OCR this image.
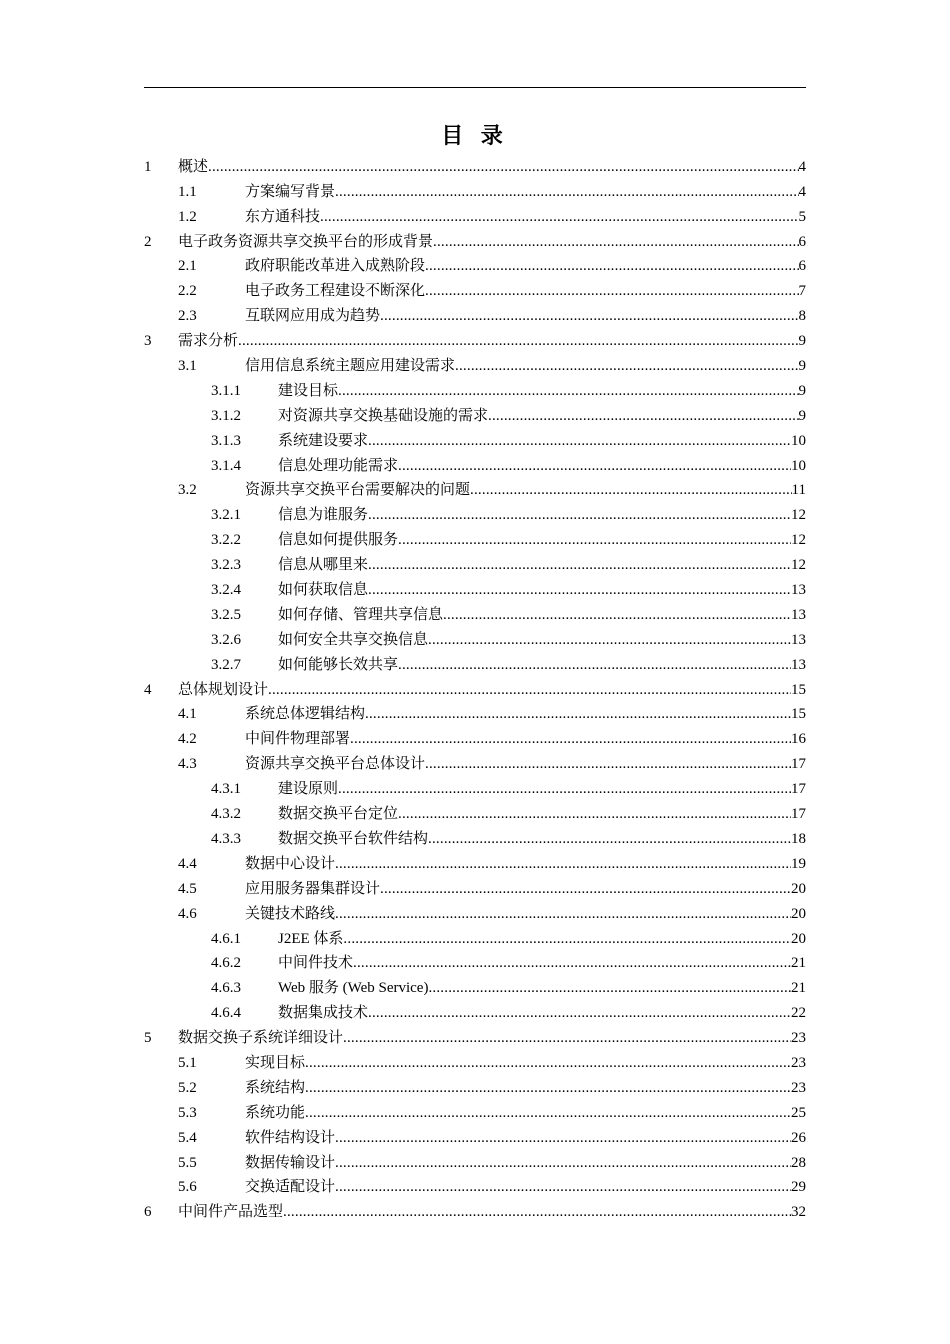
目 录
1 概述 .....	4
1.1	方案编写背景 .....	4
1.2	东方通科技 .....	5
2 电子政务资源共享交换平台的形成背景 .....	6
2.1	政府职能改革进入成熟阶段 .....	6
2.2	电子政务工程建设不断深化 .....	7
2.3	互联网应用成为趋势 .....	8
3 需求分析 .....	9
3.1	信用信息系统主题应用建设需求 .....	9
3.1.1 建设目标 .....	9
3.1.2 对资源共享交换基础设施的需求 .....	9
3.1.3 系统建设要求 .....	10
3.1.4 信息处理功能需求 .....	10
3.2	资源共享交换平台需要解决的问题 .....	11
3.2.1 信息为谁服务 .....	12
3.2.2 信息如何提供服务 .....	12
3.2.3 信息从哪里来 .....	12
3.2.4 如何获取信息 .....	13
3.2.5 如何存储、管理共享信息 .....	13
3.2.6 如何安全共享交换信息 .....	13
3.2.7 如何能够长效共享 .....	13
4 总体规划设计 .....	15
4.1	系统总体逻辑结构 .....	15
4.2	中间件物理部署 .....	16
4.3	资源共享交换平台总体设计 .....	17
4.3.1 建设原则 .....	17
4.3.2 数据交换平台定位 .....	17
4.3.3 数据交换平台软件结构 .....	18
4.4	数据中心设计 .....	19
4.5	应用服务器集群设计 .....	20
4.6	关键技术路线 .....	20
4.6.1 J2EE 体系 .....	20
4.6.2 中间件技术 .....	21
4.6.3 Web 服务 (Web Service) .....	21
4.6.4 数据集成技术 .....	22
5 数据交换子系统详细设计 .....	23
5.1	实现目标 .....	23
5.2	系统结构 .....	23
5.3	系统功能 .....	25
5.4	软件结构设计 .....	26
5.5	数据传输设计 .....	28
5.6	交换适配设计 .....	29
6 中间件产品选型 .....	32
